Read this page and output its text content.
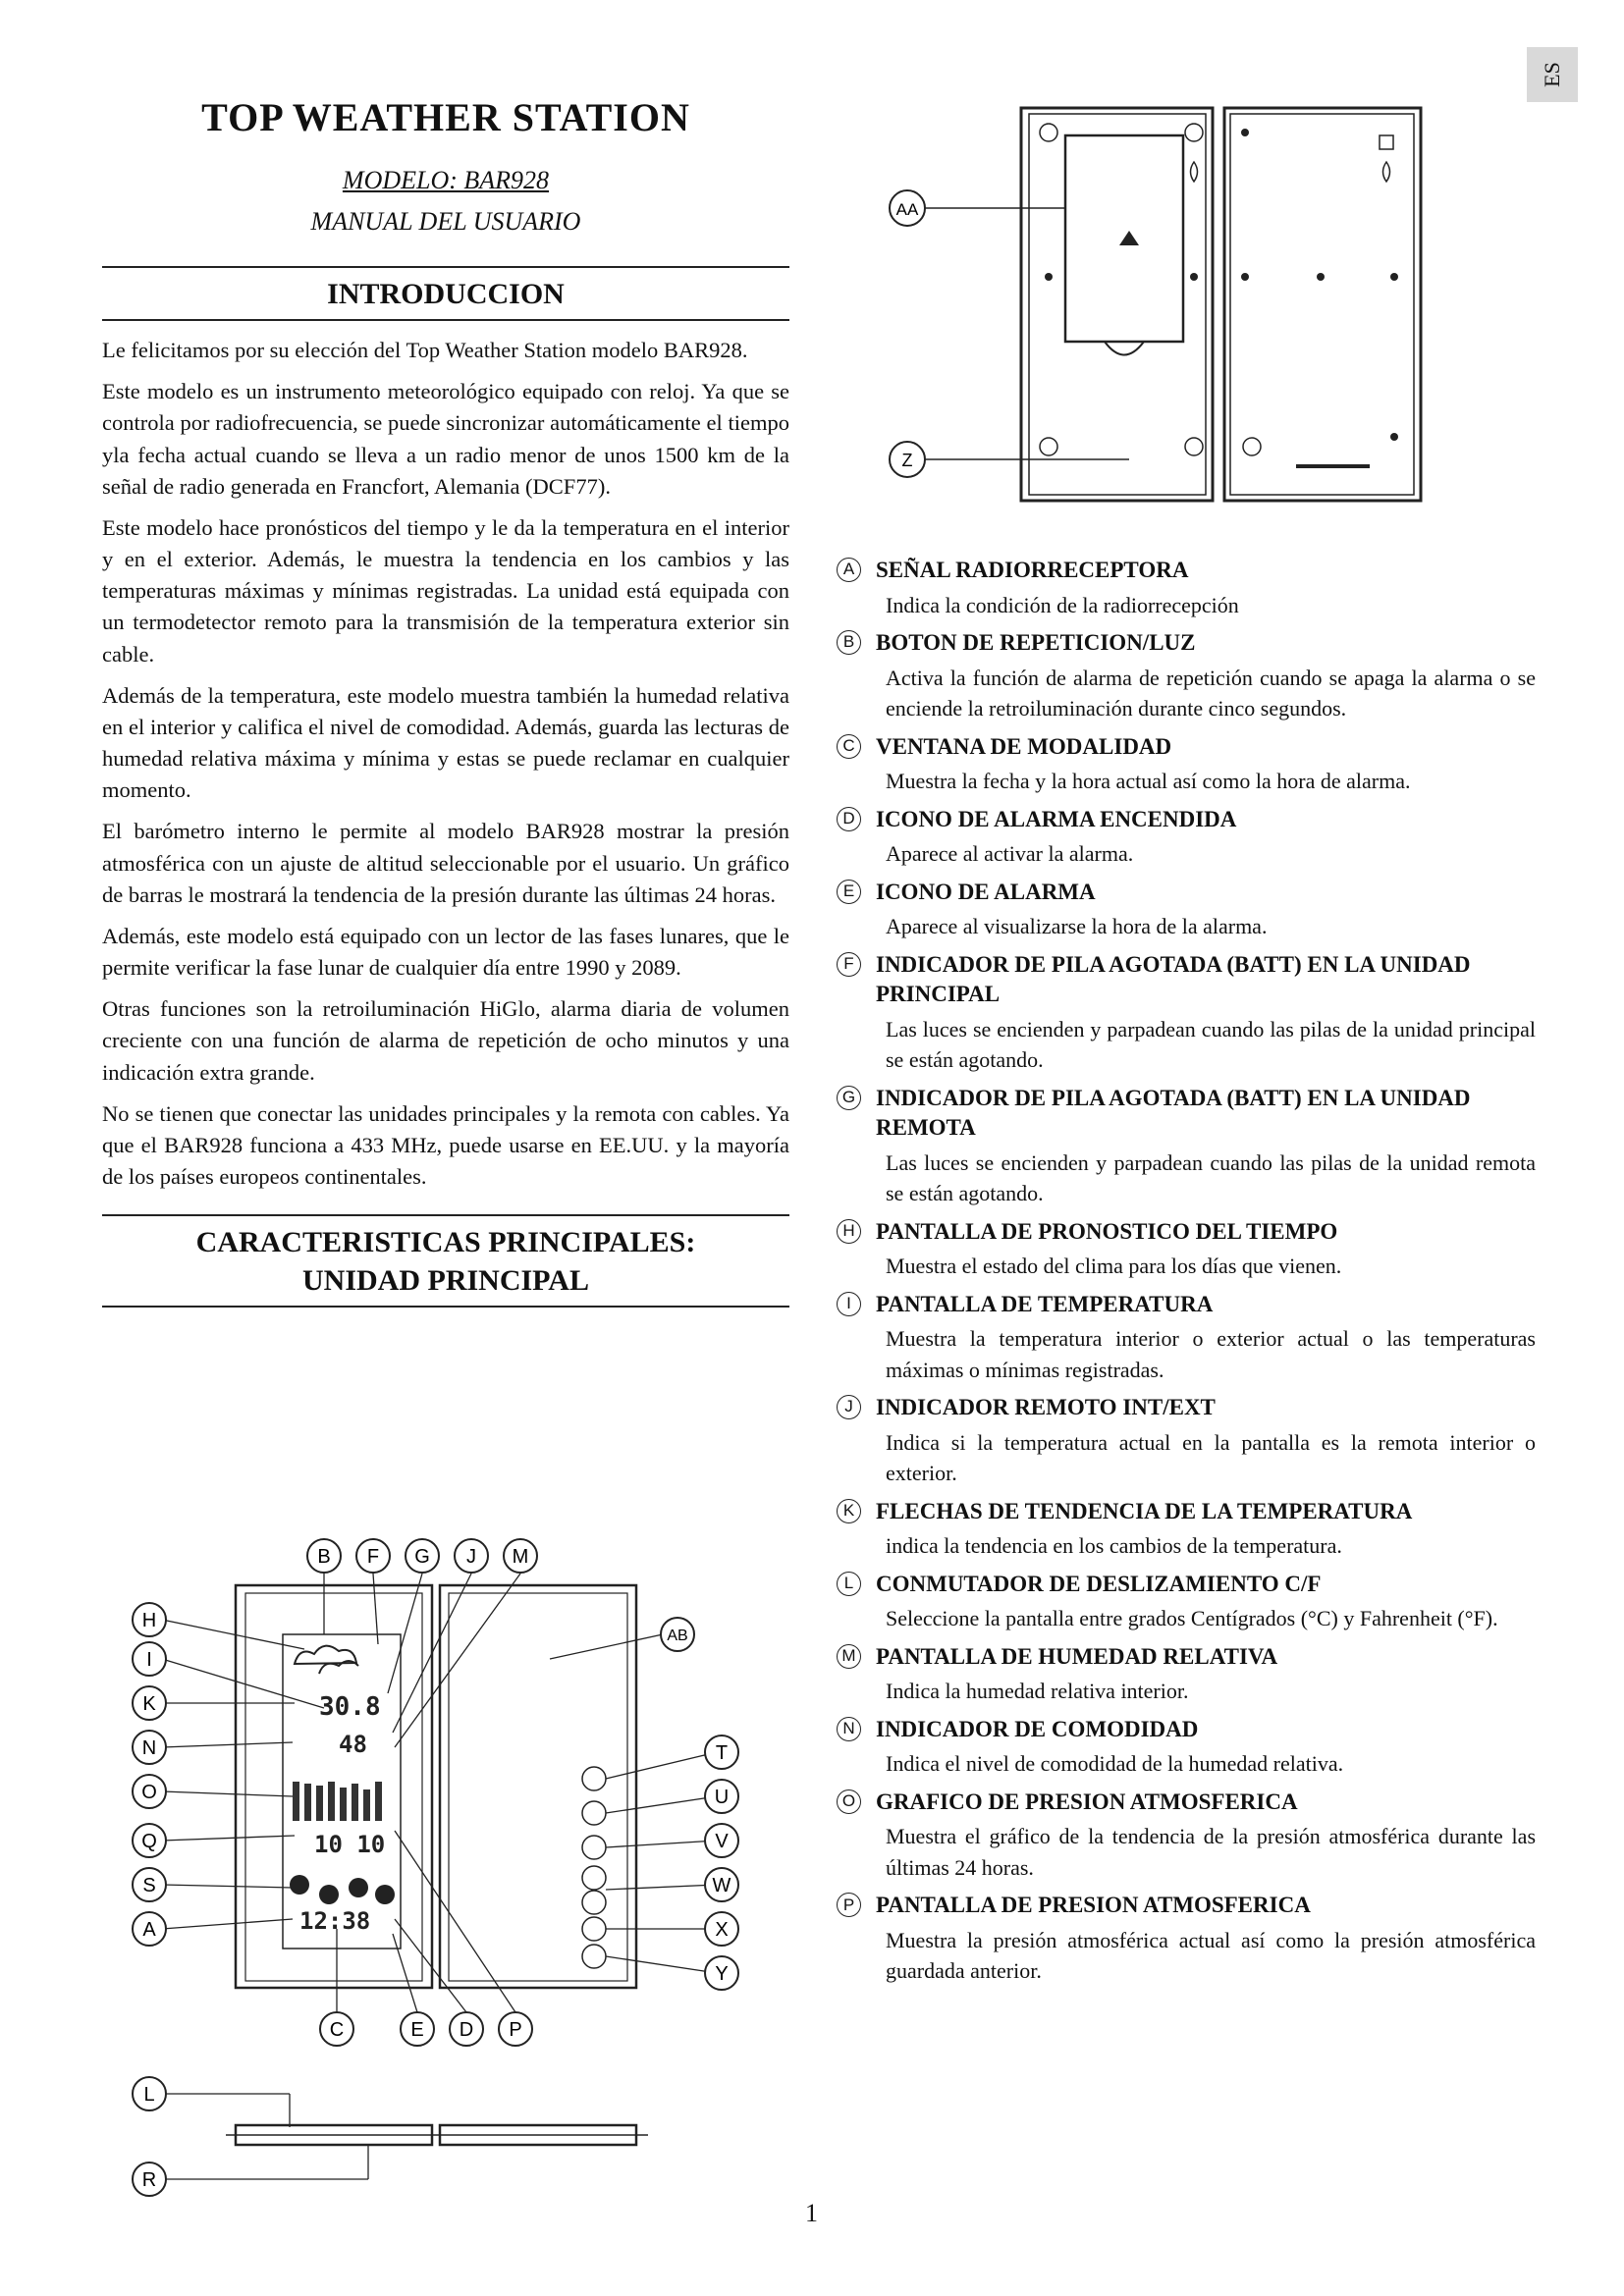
ES
TOP WEATHER STATION
MODELO: BAR928
MANUAL DEL USUARIO
INTRODUCCION

Le felicitamos por su elección del Top Weather Station modelo BAR928.

Este modelo es un instrumento meteorológico equipado con reloj. Ya que se controla por radiofrecuencia, se puede sincronizar automáticamente el tiempo yla fecha actual cuando se lleva a un radio menor de unos 1500 km de la señal de radio generada en Francfort, Alemania (DCF77).

Este modelo hace pronósticos del tiempo y le da la temperatura en el interior y en el exterior. Además, le muestra la tendencia en los cambios y las temperaturas máximas y mínimas registradas. La unidad está equipada con un termodetector remoto para la transmisión de la temperatura exterior sin cable.

Además de la temperatura, este modelo muestra también la humedad relativa en el interior y califica el nivel de comodidad. Además, guarda las lecturas de humedad relativa máxima y mínima y estas se puede reclamar en cualquier momento.

El barómetro interno le permite al modelo BAR928 mostrar la presión atmosférica con un ajuste de altitud seleccionable por el usuario. Un gráfico de barras le mostrará la tendencia de la presión durante las últimas 24 horas.

Además, este modelo está equipado con un lector de las fases lunares, que le permite verificar la fase lunar de cualquier día entre 1990 y 2089.

Otras funciones son la retroiluminación HiGlo, alarma diaria de volumen creciente con una función de alarma de repetición de ocho minutos y una indicación extra grande.

No se tienen que conectar las unidades principales y la remota con cables. Ya que el BAR928 funciona a 433 MHz, puede usarse en EE.UU. y la mayoría de los países europeos continentales.

CARACTERISTICAS PRINCIPALES:
UNIDAD PRINCIPAL
AA
Z
30.8
48
10 10
12:38
B F G J M
H
I
K
N
O
Q
S
A
AB
T
U
V
W
X
Y
C	E D P
L
R
A SEÑAL RADIORRECEPTORA
Indica la condición de la radiorrecepción
B BOTON DE REPETICION/LUZ
Activa la función de alarma de repetición cuando se apaga la alarma o se enciende la retroiluminación durante cinco segundos.
C VENTANA DE MODALIDAD
Muestra la fecha y la hora actual así como la hora de alarma.
D ICONO DE ALARMA ENCENDIDA
Aparece al activar la alarma.
E ICONO DE ALARMA
Aparece al visualizarse la hora de la alarma.
F INDICADOR DE PILA AGOTADA (BATT) EN LA UNIDAD PRINCIPAL
Las luces se encienden y parpadean cuando las pilas de la unidad principal se están agotando.
G INDICADOR DE PILA AGOTADA (BATT) EN LA UNIDAD REMOTA
Las luces se encienden y parpadean cuando las pilas de la unidad remota se están agotando.
H PANTALLA DE PRONOSTICO DEL TIEMPO
Muestra el estado del clima para los días que vienen.
I	PANTALLA DE TEMPERATURA
Muestra la temperatura interior o exterior actual o las temperaturas máximas o mínimas registradas.
J	INDICADOR REMOTO INT/EXT
Indica si la temperatura actual en la pantalla es la remota interior o exterior.
K FLECHAS DE TENDENCIA DE LA TEMPERATURA
indica la tendencia en los cambios de la temperatura.
L CONMUTADOR DE DESLIZAMIENTO C/F
Seleccione la pantalla entre grados Centígrados (°C) y Fahrenheit (°F).
M PANTALLA DE HUMEDAD RELATIVA
Indica la humedad relativa interior.
N INDICADOR DE COMODIDAD
Indica el nivel de comodidad de la humedad relativa.
O GRAFICO DE PRESION ATMOSFERICA
Muestra el gráfico de la tendencia de la presión atmosférica durante las últimas 24 horas.
P PANTALLA DE PRESION ATMOSFERICA
Muestra la presión atmosférica actual así como la presión atmosférica guardada anterior.
1
